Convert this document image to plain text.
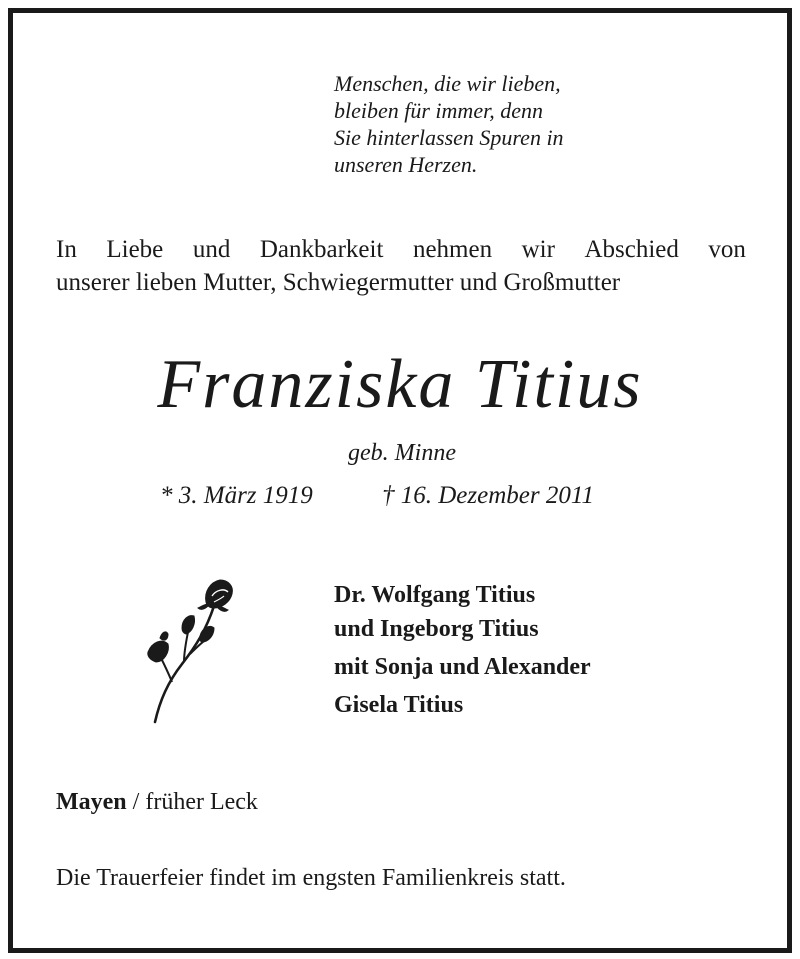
Menschen, die wir lieben,
bleiben für immer, denn
Sie hinterlassen Spuren in
unseren Herzen.
In Liebe und Dankbarkeit nehmen wir Abschied von
unserer lieben Mutter, Schwiegermutter und Großmutter
Franziska Titius
geb. Minne
* 3. März 1919	† 16. Dezember 2011
Dr. Wolfgang Titius
und Ingeborg Titius
mit Sonja und Alexander
Gisela Titius
Mayen / früher Leck
Die Trauerfeier findet im engsten Familienkreis statt.
